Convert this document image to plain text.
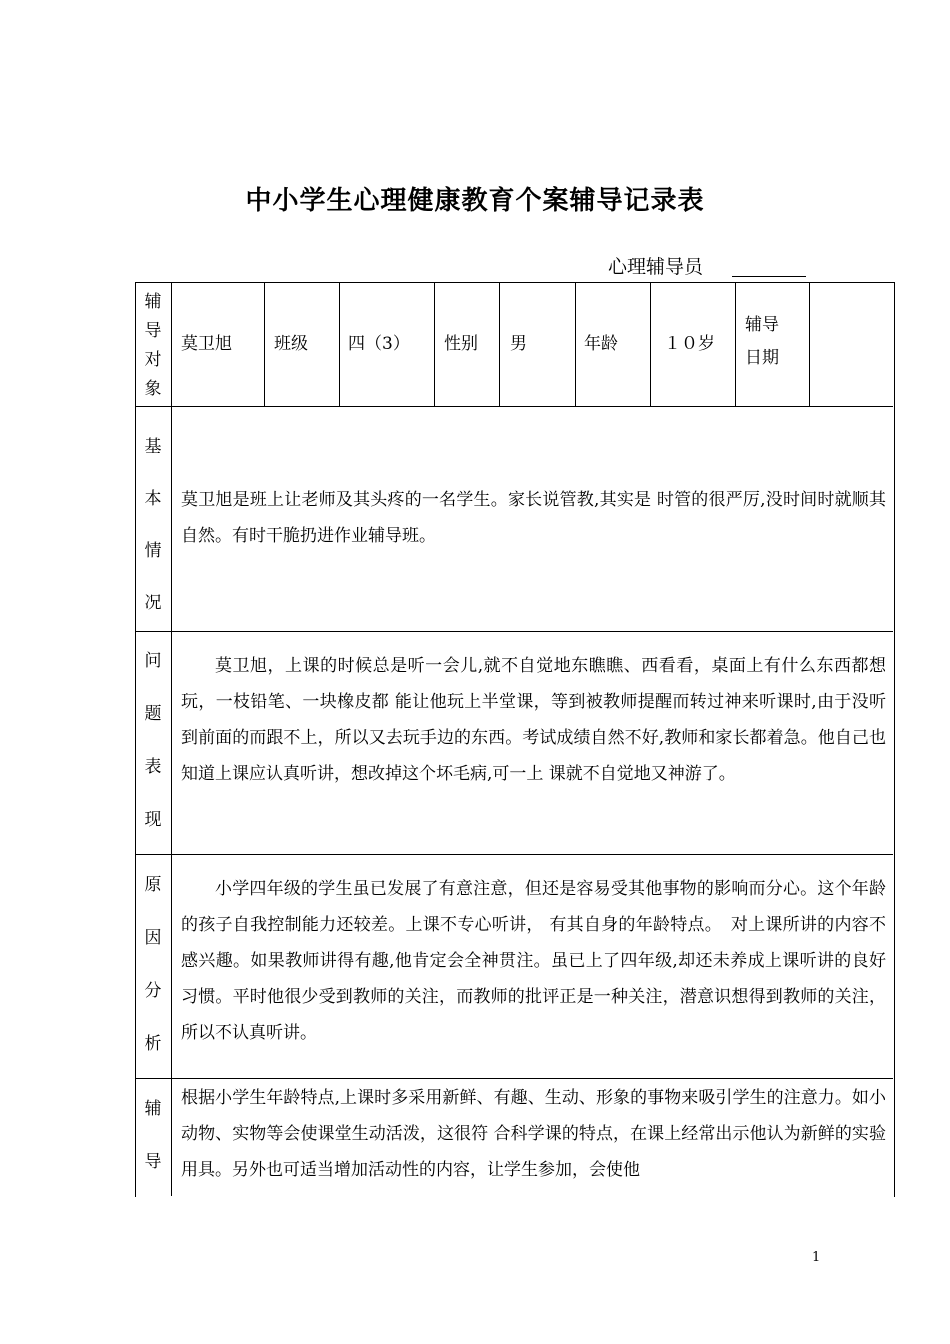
中小学生心理健康教育个案辅导记录表
心理辅导员
辅
导
对
象
莫卫旭 班级 四（3） 性别 男	年龄	１０岁
辅导
日期
基
本
情
况
莫卫旭是班上让老师及其头疼的一名学生。家长说管教,其实是 时管的很严厉,没时间时就顺其自然。有时干脆扔进作业辅导班。
问
题
表
现
莫卫旭，上课的时候总是听一会儿,就不自觉地东瞧瞧、西看看，桌面上有什么东西都想玩，一枝铅笔、一块橡皮都 能让他玩上半堂课，等到被教师提醒而转过神来听课时,由于没听到前面的而跟不上，所以又去玩手边的东西。考试成绩自然不好,教师和家长都着急。他自己也知道上课应认真听讲，想改掉这个坏毛病,可一上 课就不自觉地又神游了。
原
因
分
析
小学四年级的学生虽已发展了有意注意，但还是容易受其他事物的影响而分心。这个年龄的孩子自我控制能力还较差。上课不专心听讲， 有其自身的年龄特点。　对上课所讲的内容不感兴趣。如果教师讲得有趣,他肯定会全神贯注。虽已上了四年级,却还未养成上课听讲的良好习惯。平时他很少受到教师的关注，而教师的批评正是一种关注，潜意识想得到教师的关注，所以不认真听讲。
辅
导
根据小学生年龄特点,上课时多采用新鲜、有趣、生动、形象的事物来吸引学生的注意力。如小动物、实物等会使课堂生动活泼，这很符 合科学课的特点，在课上经常出示他认为新鲜的实验用具。另外也可适当增加活动性的内容，让学生参加，会使他
1
